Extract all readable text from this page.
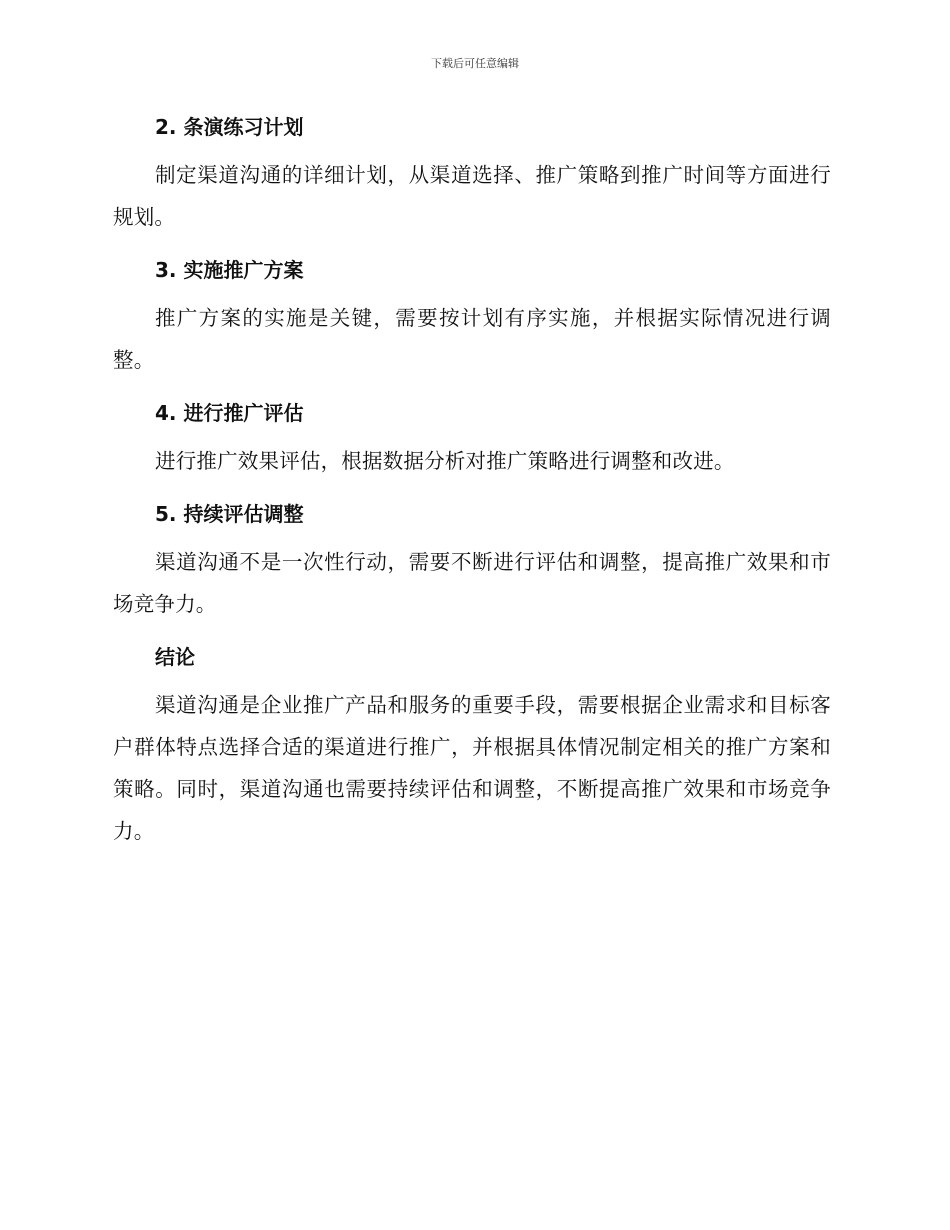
下载后可任意编辑
2. 条演练习计划

制定渠道沟通的详细计划，从渠道选择、推广策略到推广时间等方面进行规划。

3. 实施推广方案

推广方案的实施是关键，需要按计划有序实施，并根据实际情况进行调整。

4. 进行推广评估

进行推广效果评估，根据数据分析对推广策略进行调整和改进。

5. 持续评估调整

渠道沟通不是一次性行动，需要不断进行评估和调整，提高推广效果和市场竞争力。

结论

渠道沟通是企业推广产品和服务的重要手段，需要根据企业需求和目标客户群体特点选择合适的渠道进行推广，并根据具体情况制定相关的推广方案和策略。同时，渠道沟通也需要持续评估和调整，不断提高推广效果和市场竞争力。
